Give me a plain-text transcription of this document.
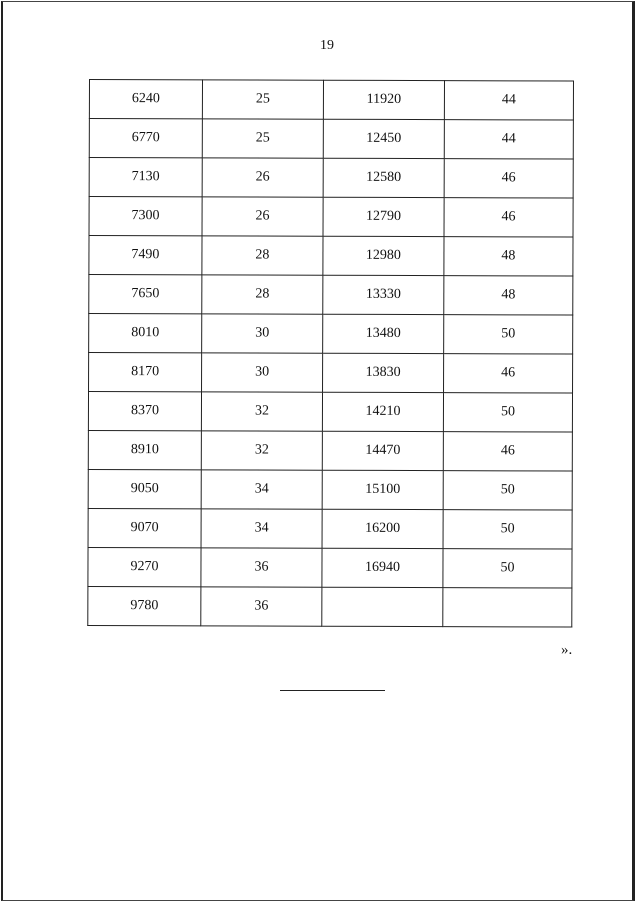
19
6240	25	11920	44
6770	25	12450	44
7130	26	12580	46
7300	26	12790	46
7490	28	12980	48
7650	28	13330	48
8010	30	13480	50
8170	30	13830	46
8370	32	14210	50
8910	32	14470	46
9050	34	15100	50
9070	34	16200	50
9270	36	16940	50
9780	36		
».
